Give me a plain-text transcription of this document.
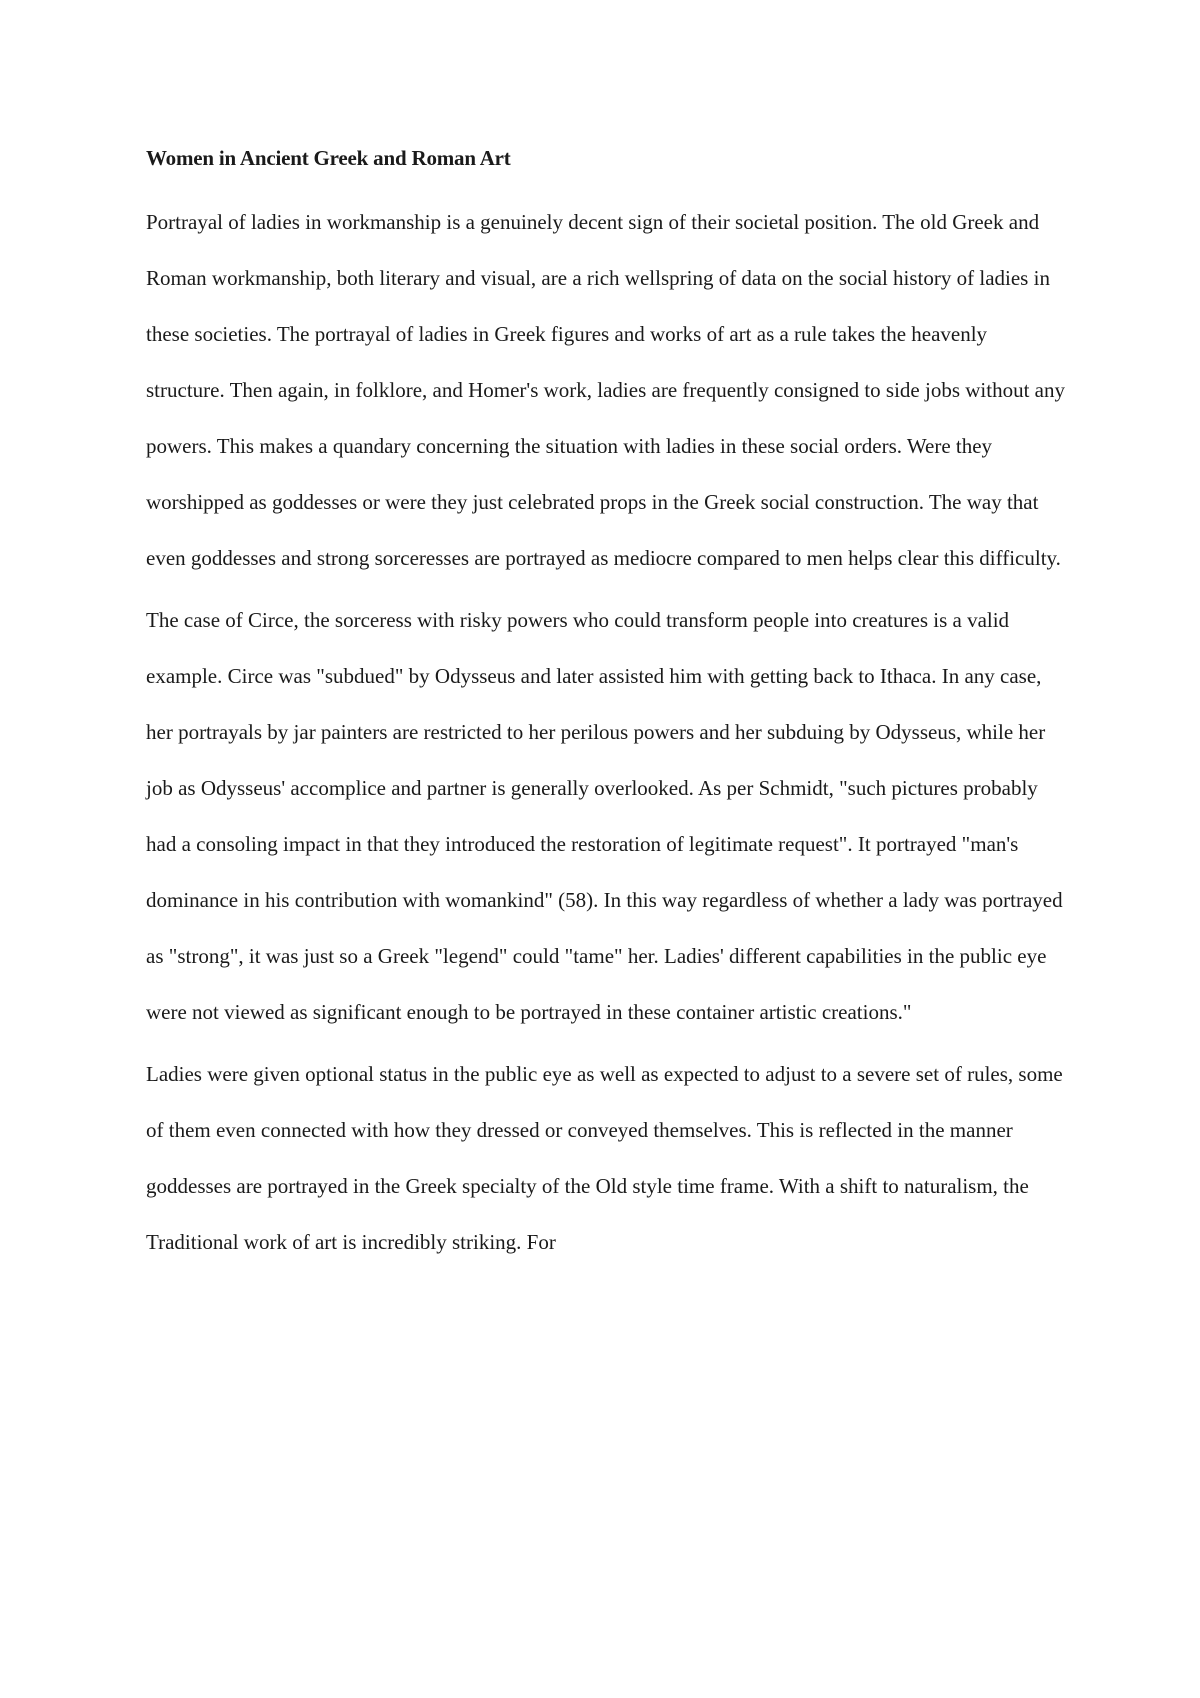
Women in Ancient Greek and Roman Art

Portrayal of ladies in workmanship is a genuinely decent sign of their societal position. The old Greek and Roman workmanship, both literary and visual, are a rich wellspring of data on the social history of ladies in these societies. The portrayal of ladies in Greek figures and works of art as a rule takes the heavenly structure. Then again, in folklore, and Homer's work, ladies are frequently consigned to side jobs without any powers. This makes a quandary concerning the situation with ladies in these social orders. Were they worshipped as goddesses or were they just celebrated props in the Greek social construction. The way that even goddesses and strong sorceresses are portrayed as mediocre compared to men helps clear this difficulty.

The case of Circe, the sorceress with risky powers who could transform people into creatures is a valid example. Circe was "subdued" by Odysseus and later assisted him with getting back to Ithaca. In any case, her portrayals by jar painters are restricted to her perilous powers and her subduing by Odysseus, while her job as Odysseus' accomplice and partner is generally overlooked. As per Schmidt, "such pictures probably had a consoling impact in that they introduced the restoration of legitimate request". It portrayed "man's dominance in his contribution with womankind" (58). In this way regardless of whether a lady was portrayed as "strong", it was just so a Greek "legend" could "tame" her. Ladies' different capabilities in the public eye were not viewed as significant enough to be portrayed in these container artistic creations."

Ladies were given optional status in the public eye as well as expected to adjust to a severe set of rules, some of them even connected with how they dressed or conveyed themselves. This is reflected in the manner goddesses are portrayed in the Greek specialty of the Old style time frame. With a shift to naturalism, the Traditional work of art is incredibly striking. For
